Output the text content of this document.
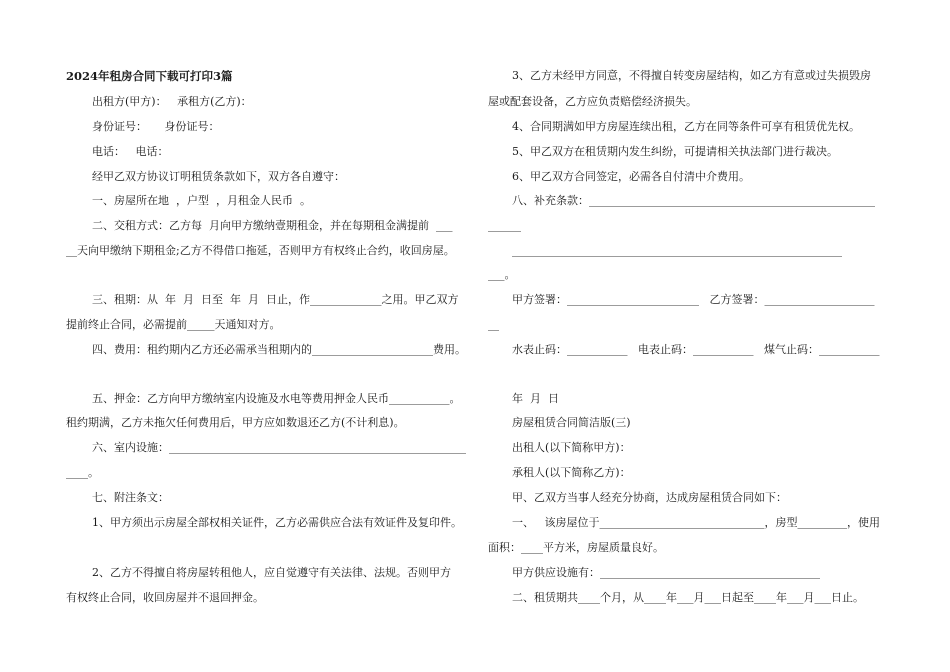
2024年租房合同下载可打印3篇
出租方(甲方)：   承租方(乙方)：
身份证号：     身份证号：
电话：   电话：
经甲乙双方协议订明租赁条款如下，双方各自遵守：
一、房屋所在地  ，户型  ，月租金人民币  。
二、交租方式：乙方每  月向甲方缴纳壹期租金，并在每期租金满提前  ___
__天向甲缴纳下期租金;乙方不得借口拖延，否则甲方有权终止合约，收回房屋。
三、租期：从  年  月  日至  年  月  日止，作_____________之用。甲乙双方
提前终止合同，必需提前_____天通知对方。
四、费用：租约期内乙方还必需承当租期内的______________________费用。
五、押金：乙方向甲方缴纳室内设施及水电等费用押金人民币___________。
租约期满，乙方未拖欠任何费用后，甲方应如数退还乙方(不计利息)。
六、室内设施：______________________________________________________
____。
七、附注条文：
1、甲方须出示房屋全部权相关证件，乙方必需供应合法有效证件及复印件。
2、乙方不得擅自将房屋转租他人，应自觉遵守有关法律、法规。否则甲方
有权终止合同，收回房屋并不退回押金。
3、乙方未经甲方同意，不得擅自转变房屋结构，如乙方有意或过失损毁房
屋或配套设备，乙方应负责赔偿经济损失。
4、合同期满如甲方房屋连续出租，乙方在同等条件可享有租赁优先权。
5、甲乙双方在租赁期内发生纠纷，可提请相关执法部门进行裁决。
6、甲乙双方合同签定，必需各自付清中介费用。
八、补充条款：____________________________________________________
______
____________________________________________________________
___。
甲方签署：________________________   乙方签署：____________________
__
水表止码：___________   电表止码：___________   煤气止码：___________
年  月  日
房屋租赁合同简洁版(三)
出租人(以下简称甲方)：
承租人(以下简称乙方)：
甲、乙双方当事人经充分协商，达成房屋租赁合同如下：
一、   该房屋位于______________________________，房型_________，使用
面积：____平方米，房屋质量良好。
甲方供应设施有：________________________________________
二、租赁期共____个月，从____年___月___日起至____年___月___日止。
